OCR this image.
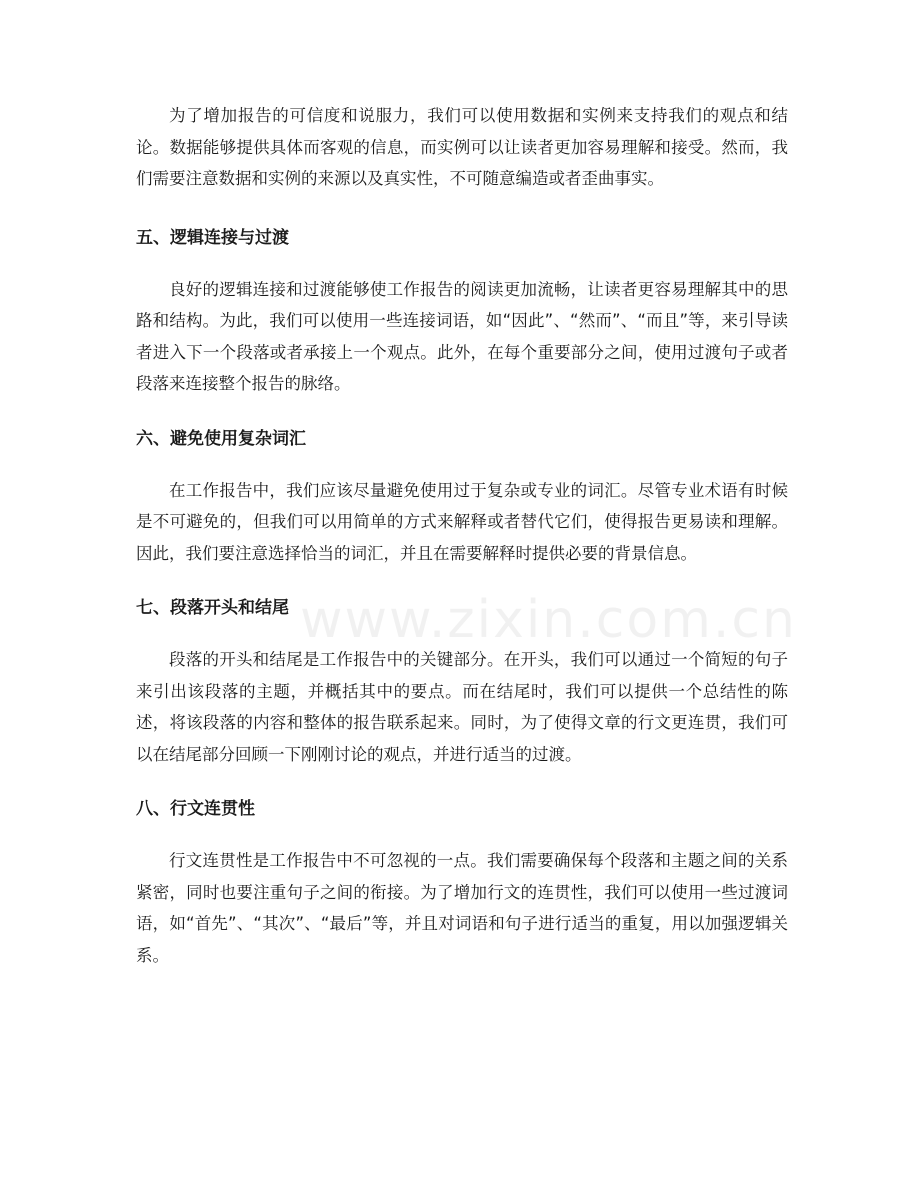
为了增加报告的可信度和说服力，我们可以使用数据和实例来支持我们的观点和结论。数据能够提供具体而客观的信息，而实例可以让读者更加容易理解和接受。然而，我们需要注意数据和实例的来源以及真实性，不可随意编造或者歪曲事实。

五、逻辑连接与过渡

良好的逻辑连接和过渡能够使工作报告的阅读更加流畅，让读者更容易理解其中的思路和结构。为此，我们可以使用一些连接词语，如“因此”、“然而”、“而且”等，来引导读者进入下一个段落或者承接上一个观点。此外，在每个重要部分之间，使用过渡句子或者段落来连接整个报告的脉络。

六、避免使用复杂词汇

在工作报告中，我们应该尽量避免使用过于复杂或专业的词汇。尽管专业术语有时候是不可避免的，但我们可以用简单的方式来解释或者替代它们，使得报告更易读和理解。因此，我们要注意选择恰当的词汇，并且在需要解释时提供必要的背景信息。

七、段落开头和结尾

段落的开头和结尾是工作报告中的关键部分。在开头，我们可以通过一个简短的句子来引出该段落的主题，并概括其中的要点。而在结尾时，我们可以提供一个总结性的陈述，将该段落的内容和整体的报告联系起来。同时，为了使得文章的行文更连贯，我们可以在结尾部分回顾一下刚刚讨论的观点，并进行适当的过渡。

八、行文连贯性

行文连贯性是工作报告中不可忽视的一点。我们需要确保每个段落和主题之间的关系紧密，同时也要注重句子之间的衔接。为了增加行文的连贯性，我们可以使用一些过渡词语，如“首先”、“其次”、“最后”等，并且对词语和句子进行适当的重复，用以加强逻辑关系。

www.zixin.com.cn
